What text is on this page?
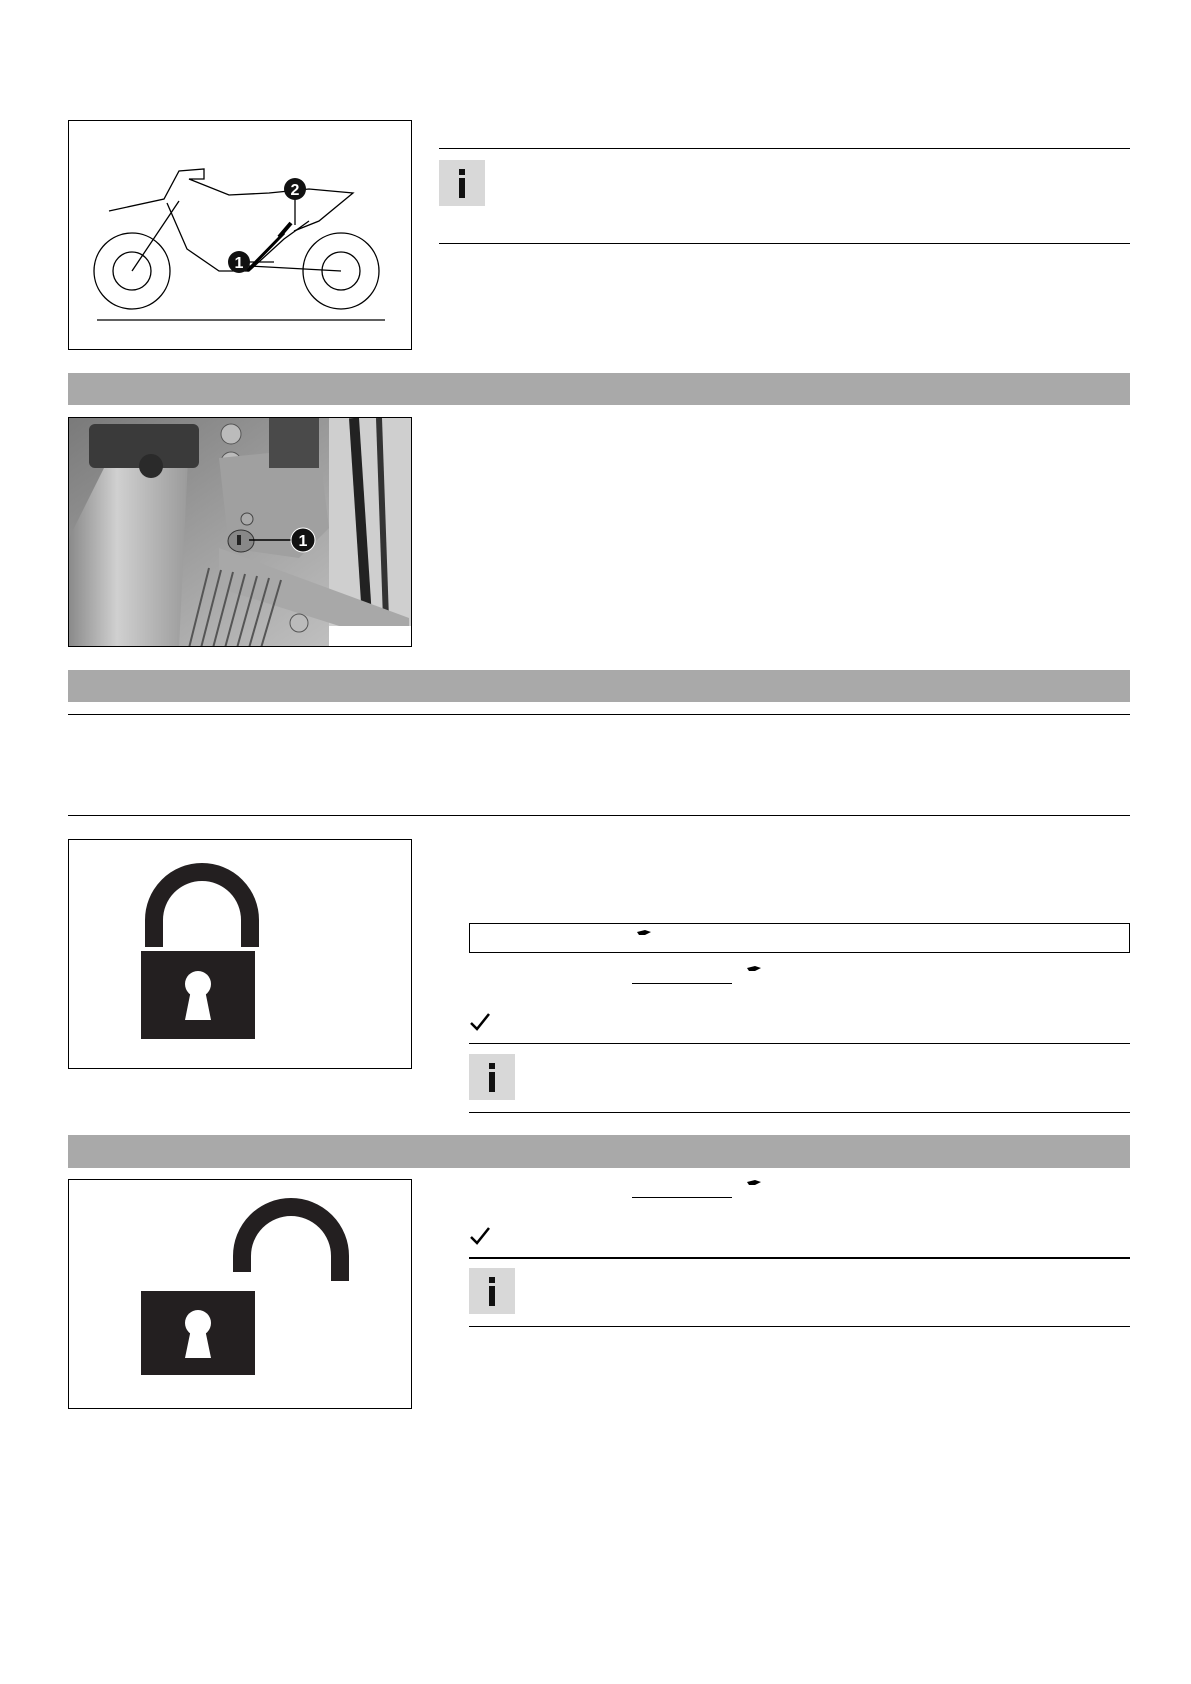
2
1
1
